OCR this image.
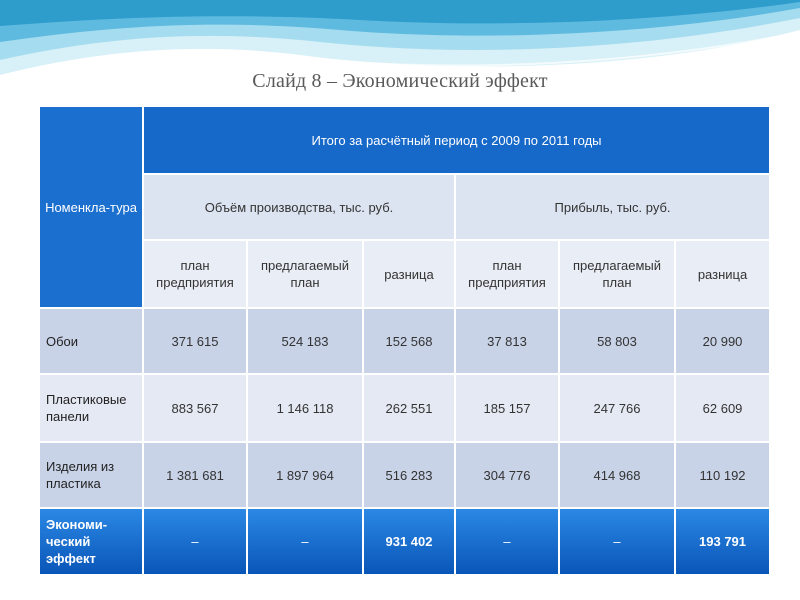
Слайд 8 – Экономический эффект
Номенкла-тура	Итого за расчётный период с 2009 по 2011 годы					
	Объём производства, тыс. руб.			Прибыль, тыс. руб.		
	план предприятия	предлагаемый план	разница	план предприятия	предлагаемый план	разница
Обои	371 615	524 183	152 568	37 813	58 803	20 990
Пластиковые панели	883 567	1 146 118	262 551	185 157	247 766	62 609
Изделия из пластика	1 381 681	1 897 964	516 283	304 776	414 968	110 192
Экономи-ческий эффект	–	–	931 402	–	–	193 791
